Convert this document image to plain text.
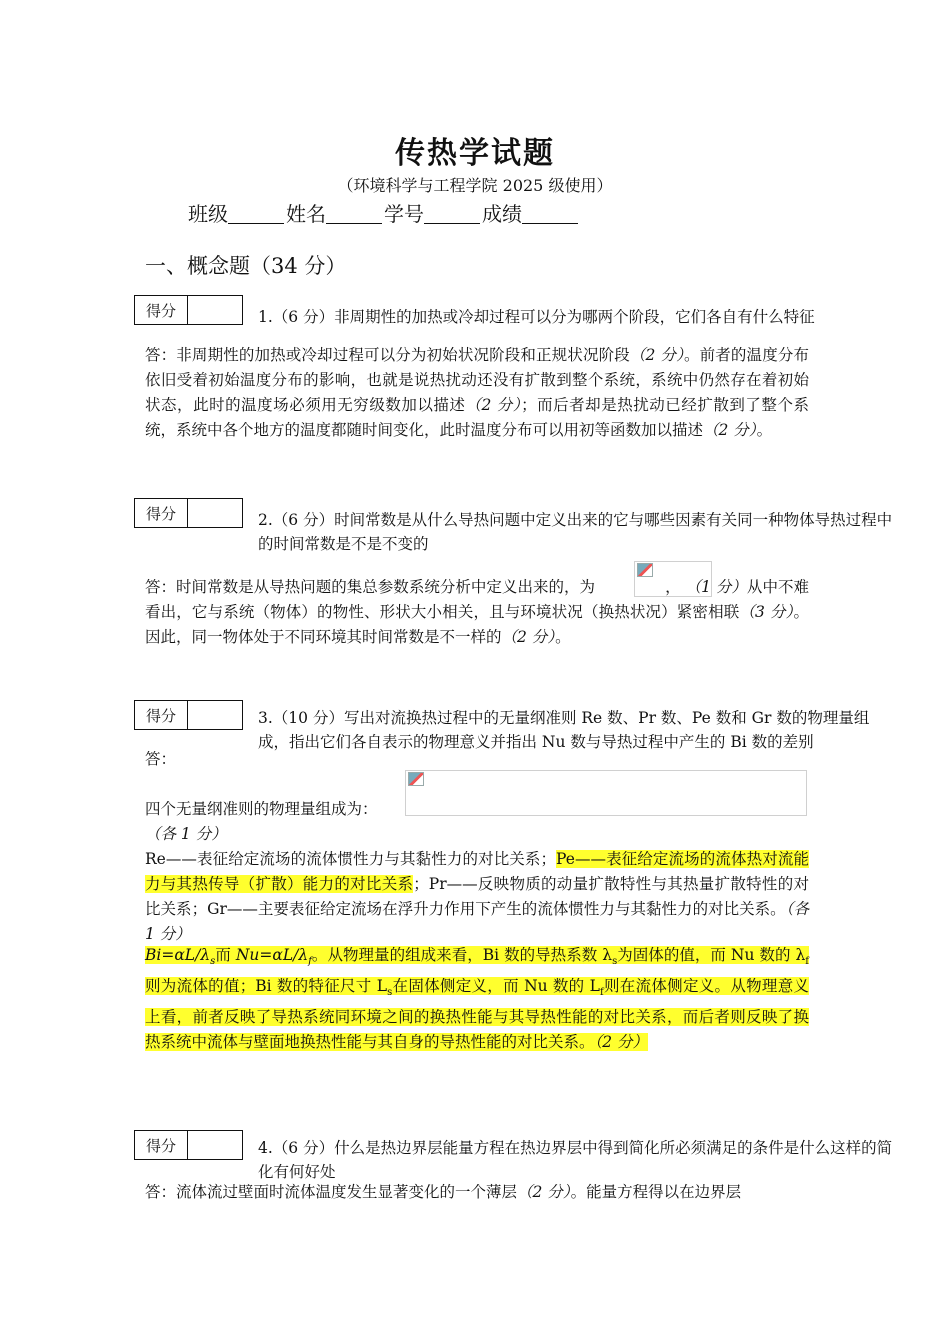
传热学试题
（环境科学与工程学院 2025 级使用）
班级	姓名	学号	成绩
一、概念题（34 分）
得分	1.（6 分）非周期性的加热或冷却过程可以分为哪两个阶段，它们各自有什么特征
答：非周期性的加热或冷却过程可以分为初始状况阶段和正规状况阶段（2 分）。前者的温度分布依旧受着初始温度分布的影响，也就是说热扰动还没有扩散到整个系统，系统中仍然存在着初始状态，此时的温度场必须用无穷级数加以描述（2 分）；而后者却是热扰动已经扩散到了整个系统，系统中各个地方的温度都随时间变化，此时温度分布可以用初等函数加以描述（2 分）。
得分	2.（6 分）时间常数是从什么导热问题中定义出来的它与哪些因素有关同一种物体导热过程中的时间常数是不是不变的
答：时间常数是从导热问题的集总参数系统分析中定义出来的，为	， （1 分）从中不难看出，它与系统（物体）的物性、形状大小相关，且与环境状况（换热状况）紧密相联（3 分）。因此，同一物体处于不同环境其时间常数是不一样的（2 分）。
得分	3.（10 分）写出对流换热过程中的无量纲准则 Re 数、Pr 数、Pe 数和 Gr 数的物理量组成，指出它们各自表示的物理意义并指出 Nu 数与导热过程中产生的 Bi 数的差别
答：
四个无量纲准则的物理量组成为：
（各 1 分）
Re——表征给定流场的流体惯性力与其黏性力的对比关系；Pe——表征给定流场的流体热对流能力与其热传导（扩散）能力的对比关系；Pr——反映物质的动量扩散特性与其热量扩散特性的对比关系；Gr——主要表征给定流场在浮升力作用下产生的流体惯性力与其黏性力的对比关系。（各 1 分）
$Bi=\alpha L/\lambda_s$而 $Nu=\alpha L/\lambda_f$。从物理量的组成来看，Bi 数的导热系数 $\lambda_s$为固体的值，而 Nu 数的 $\lambda_f$则为流体的值；Bi 数的特征尺寸 $L_s$在固体侧定义，而 Nu 数的 $L_f$则在流体侧定义。从物理意义上看，前者反映了导热系统同环境之间的换热性能与其导热性能的对比关系，而后者则反映了换热系统中流体与壁面地换热性能与其自身的导热性能的对比关系。（2 分）
得分	4.（6 分）什么是热边界层能量方程在热边界层中得到简化所必须满足的条件是什么这样的简化有何好处
答：流体流过壁面时流体温度发生显著变化的一个薄层（2 分）。能量方程得以在边界层
